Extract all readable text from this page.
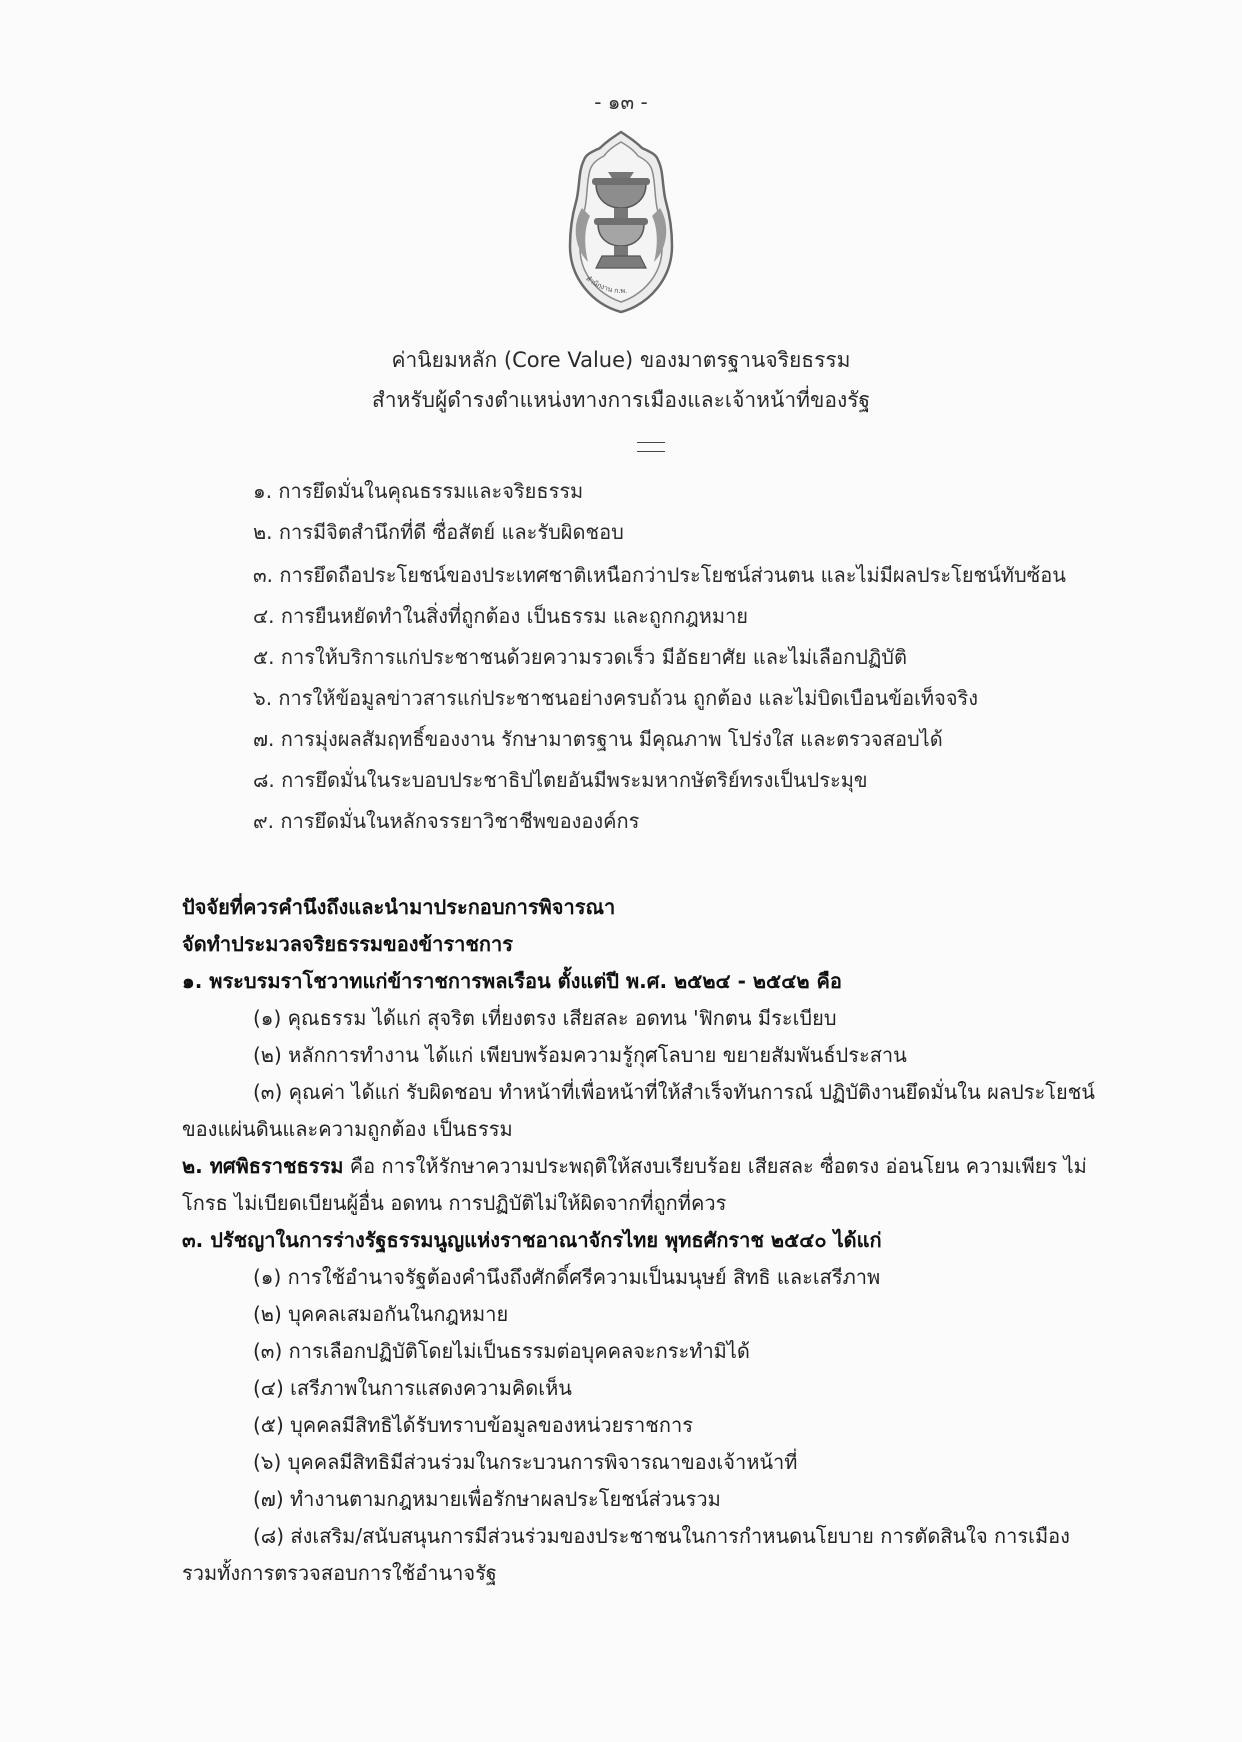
- ๑๓ -
สำนักงาน ก.พ.
ค่านิยมหลัก (Core Value) ของมาตรฐานจริยธรรม
สำหรับผู้ดำรงตำแหน่งทางการเมืองและเจ้าหน้าที่ของรัฐ
๑. การยึดมั่นในคุณธรรมและจริยธรรม
๒. การมีจิตสำนึกที่ดี ซื่อสัตย์ และรับผิดชอบ
๓. การยึดถือประโยชน์ของประเทศชาติเหนือกว่าประโยชน์ส่วนตน และไม่มีผลประโยชน์ทับซ้อน
๔. การยืนหยัดทำในสิ่งที่ถูกต้อง เป็นธรรม และถูกกฎหมาย
๕. การให้บริการแก่ประชาชนด้วยความรวดเร็ว มีอัธยาศัย และไม่เลือกปฏิบัติ
๖. การให้ข้อมูลข่าวสารแก่ประชาชนอย่างครบถ้วน ถูกต้อง และไม่บิดเบือนข้อเท็จจริง
๗. การมุ่งผลสัมฤทธิ์ของงาน รักษามาตรฐาน มีคุณภาพ โปร่งใส และตรวจสอบได้
๘. การยึดมั่นในระบอบประชาธิปไตยอันมีพระมหากษัตริย์ทรงเป็นประมุข
๙. การยึดมั่นในหลักจรรยาวิชาชีพขององค์กร
ปัจจัยที่ควรคำนึงถึงและนำมาประกอบการพิจารณา
จัดทำประมวลจริยธรรมของข้าราชการ
๑. พระบรมราโชวาทแก่ข้าราชการพลเรือน ตั้งแต่ปี พ.ศ. ๒๕๒๔ - ๒๕๔๒ คือ
(๑) คุณธรรม ได้แก่ สุจริต เที่ยงตรง เสียสละ อดทน 'ฟิกตน มีระเบียบ
(๒) หลักการทำงาน ได้แก่ เพียบพร้อมความรู้กุศโลบาย ขยายสัมพันธ์ประสาน
(๓) คุณค่า ได้แก่ รับผิดชอบ ทำหน้าที่เพื่อหน้าที่ให้สำเร็จทันการณ์ ปฏิบัติงานยึดมั่นใน ผลประโยชน์
ของแผ่นดินและความถูกต้อง เป็นธรรม
๒. ทศพิธราชธรรม คือ การให้รักษาความประพฤติให้สงบเรียบร้อย เสียสละ ซื่อตรง อ่อนโยน ความเพียร ไม่
โกรธ ไม่เบียดเบียนผู้อื่น อดทน การปฏิบัติไม่ให้ผิดจากที่ถูกที่ควร
๓. ปรัชญาในการร่างรัฐธรรมนูญแห่งราชอาณาจักรไทย พุทธศักราช ๒๕๔๐ ได้แก่
(๑) การใช้อำนาจรัฐต้องคำนึงถึงศักดิ์ศรีความเป็นมนุษย์ สิทธิ และเสรีภาพ
(๒) บุคคลเสมอกันในกฎหมาย
(๓) การเลือกปฏิบัติโดยไม่เป็นธรรมต่อบุคคลจะกระทำมิได้
(๔) เสรีภาพในการแสดงความคิดเห็น
(๕) บุคคลมีสิทธิได้รับทราบข้อมูลของหน่วยราชการ
(๖) บุคคลมีสิทธิมีส่วนร่วมในกระบวนการพิจารณาของเจ้าหน้าที่
(๗) ทำงานตามกฎหมายเพื่อรักษาผลประโยชน์ส่วนรวม
(๘) ส่งเสริม/สนับสนุนการมีส่วนร่วมของประชาชนในการกำหนดนโยบาย การตัดสินใจ การเมือง
รวมทั้งการตรวจสอบการใช้อำนาจรัฐ
